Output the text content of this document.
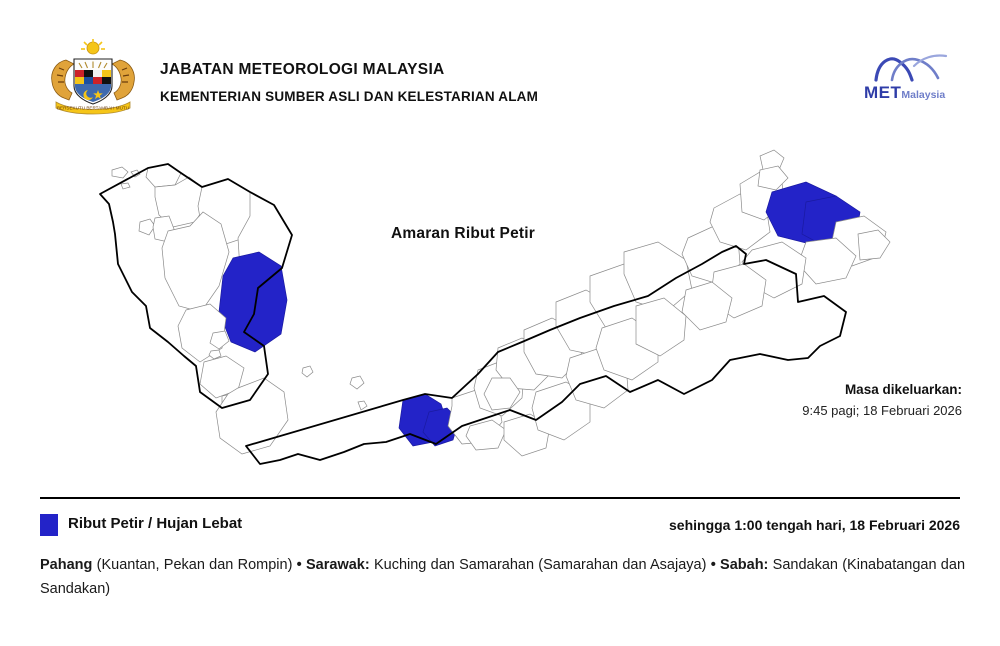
BERSEKUTU BERTAMBAH MUTU
JABATAN METEOROLOGI MALAYSIA
KEMENTERIAN SUMBER ASLI DAN KELESTARIAN ALAM	METMalaysia
Amaran Ribut Petir
Masa dikeluarkan:
9:45 pagi; 18 Februari 2026
Ribut Petir / Hujan Lebat	sehingga 1:00 tengah hari, 18 Februari 2026
Pahang (Kuantan, Pekan dan Rompin) • Sarawak: Kuching dan Samarahan (Samarahan dan Asajaya) • Sabah: Sandakan (Kinabatangan dan Sandakan)
